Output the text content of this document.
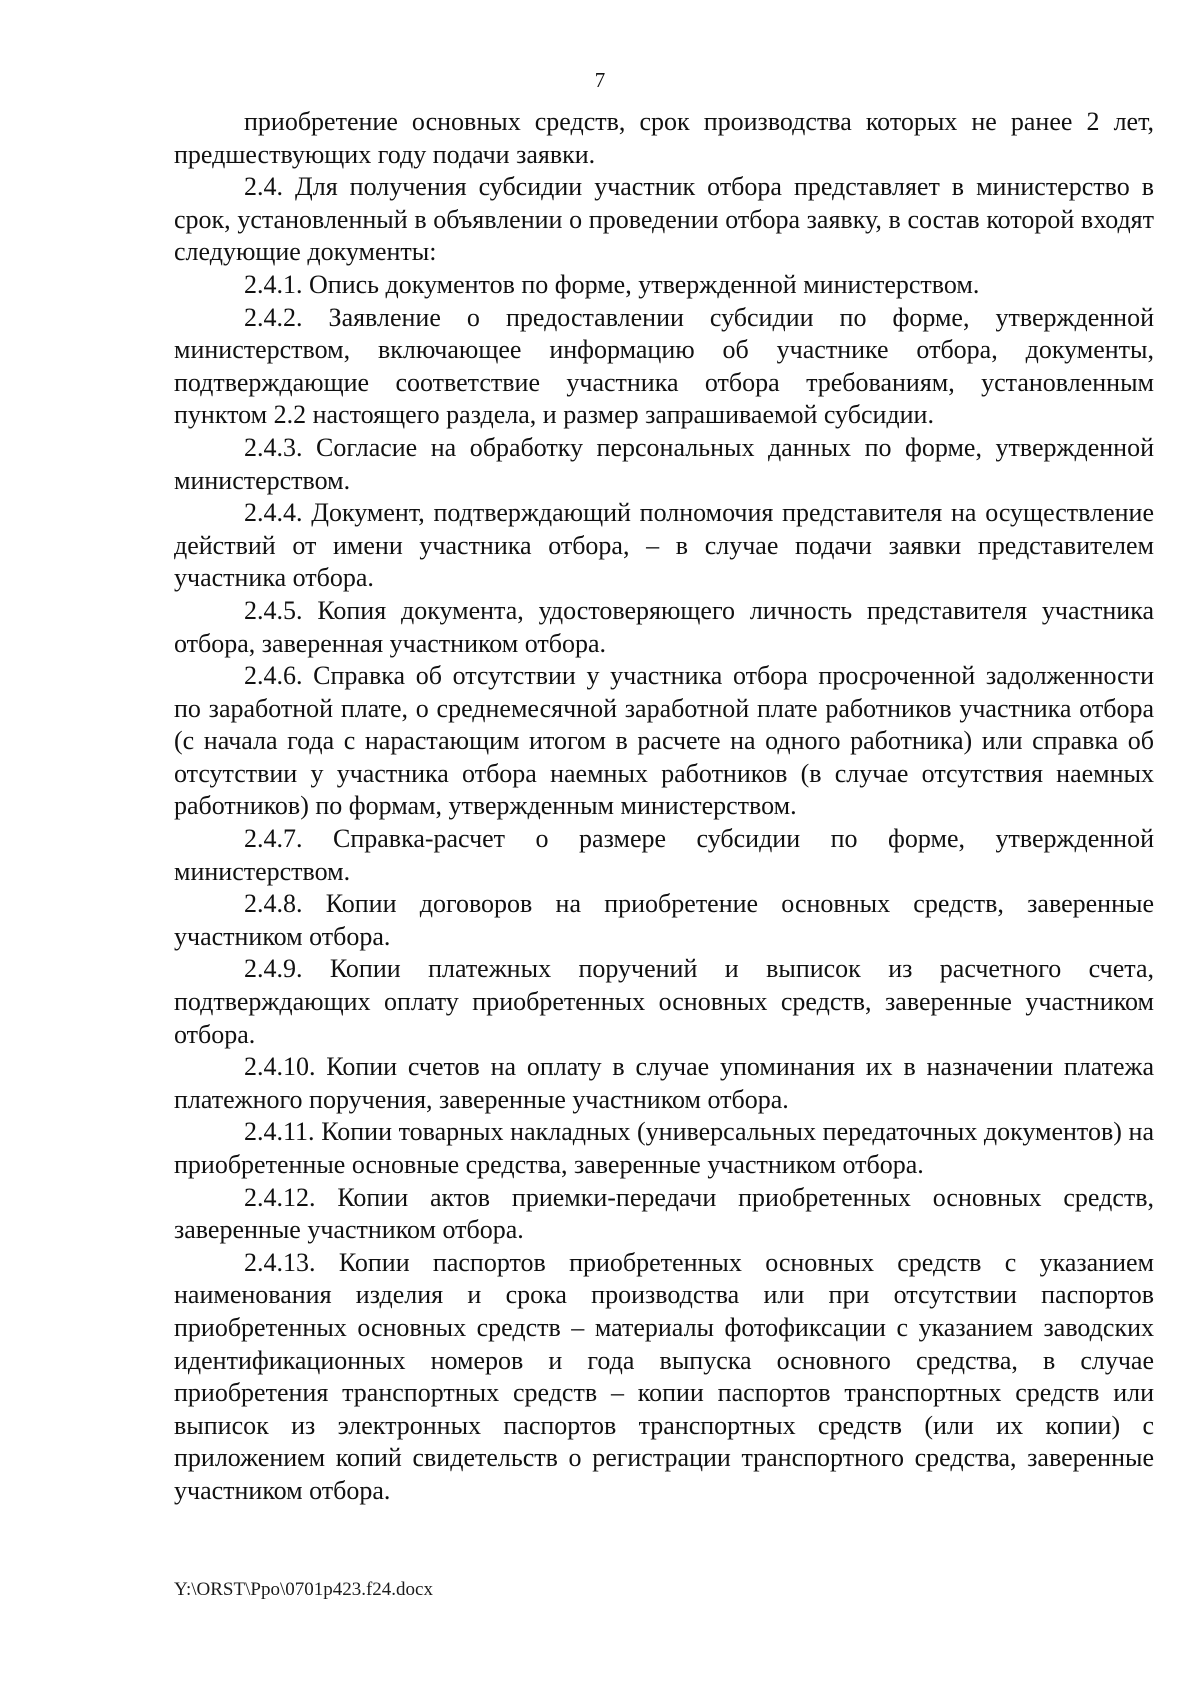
7

приобретение основных средств, срок производства которых не ранее 2 лет, предшествующих году подачи заявки.

2.4. Для получения субсидии участник отбора представляет в министерство в срок, установленный в объявлении о проведении отбора заявку, в состав которой входят следующие документы:

2.4.1. Опись документов по форме, утвержденной министерством.

2.4.2. Заявление о предоставлении субсидии по форме, утвержденной министерством, включающее информацию об участнике отбора, документы, подтверждающие соответствие участника отбора требованиям, установленным пунктом 2.2 настоящего раздела, и размер запрашиваемой субсидии.

2.4.3. Согласие на обработку персональных данных по форме, утвержденной министерством.

2.4.4. Документ, подтверждающий полномочия представителя на осуществление действий от имени участника отбора, – в случае подачи заявки представителем участника отбора.

2.4.5. Копия документа, удостоверяющего личность представителя участника отбора, заверенная участником отбора.

2.4.6. Справка об отсутствии у участника отбора просроченной задолженности по заработной плате, о среднемесячной заработной плате работников участника отбора (с начала года с нарастающим итогом в расчете на одного работника) или справка об отсутствии у участника отбора наемных работников (в случае отсутствия наемных работников) по формам, утвержденным министерством.

2.4.7. Справка-расчет о размере субсидии по форме, утвержденной министерством.

2.4.8. Копии договоров на приобретение основных средств, заверенные участником отбора.

2.4.9. Копии платежных поручений и выписок из расчетного счета, подтверждающих оплату приобретенных основных средств, заверенные участником отбора.

2.4.10. Копии счетов на оплату в случае упоминания их в назначении платежа платежного поручения, заверенные участником отбора.

2.4.11. Копии товарных накладных (универсальных передаточных документов) на приобретенные основные средства, заверенные участником отбора.

2.4.12. Копии актов приемки-передачи приобретенных основных средств, заверенные участником отбора.

2.4.13. Копии паспортов приобретенных основных средств с указанием наименования изделия и срока производства или при отсутствии паспортов приобретенных основных средств – материалы фотофиксации с указанием заводских идентификационных номеров и года выпуска основного средства, в случае приобретения транспортных средств – копии паспортов транспортных средств или выписок из электронных паспортов транспортных средств (или их копии) с приложением копий свидетельств о регистрации транспортного средства, заверенные участником отбора.

Y:\ORST\Ppo\0701p423.f24.docx
